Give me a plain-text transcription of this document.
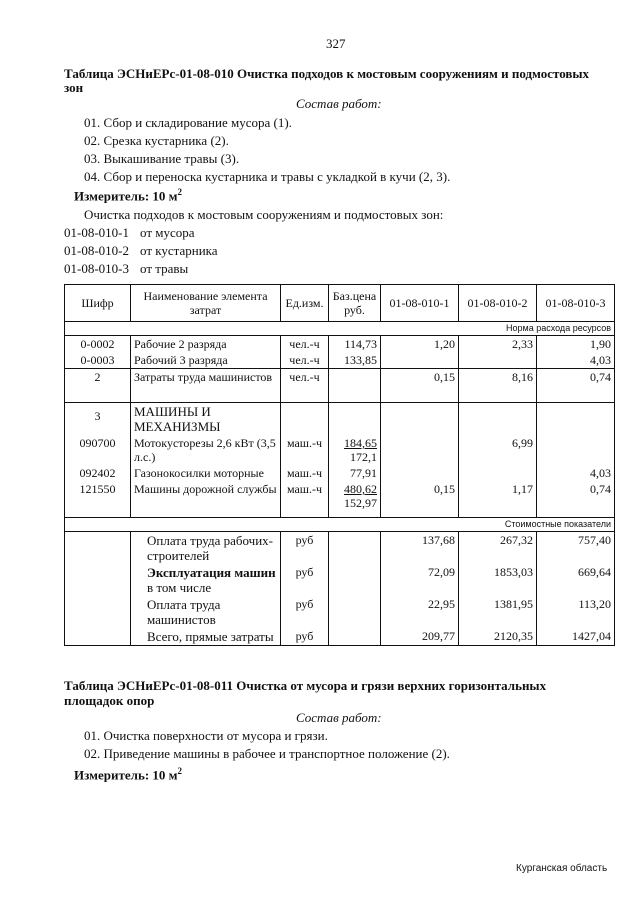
327
Таблица ЭСНиЕРс-01-08-010 Очистка подходов к мостовым сооружениям и подмостовых
зон
Состав работ:
01. Сбор и складирование мусора (1).
02. Срезка кустарника (2).
03. Выкашивание травы (3).
04. Сбор и переноска кустарника и травы с укладкой в кучи (2, 3).
Измеритель: 10 $м^2$
Очистка подходов к мостовым сооружениям и подмостовых зон:
01-08-010-1 от мусора
01-08-010-2 от кустарника
01-08-010-3 от травы
Шифр	Наименование элемента затрат	Ед.изм.	Баз.цена руб.	01-08-010-1	01-08-010-2	01-08-010-3
Норма расхода ресурсов						
0-0002	Рабочие 2 разряда	чел.-ч	114,73	1,20	2,33	1,90
0-0003	Рабочий 3 разряда	чел.-ч	133,85			4,03
2	Затраты труда машинистов	чел.-ч		0,15	8,16	0,74
3	МАШИНЫ И МЕХАНИЗМЫ					
090700	Мотокусторезы 2,6 кВт (3,5 л.с.)	маш.-ч	184,65
172,1		6,99	
092402	Газонокосилки моторные	маш.-ч	77,91			4,03
121550	Машины дорожной службы	маш.-ч	480,62
152,97	0,15	1,17	0,74

Стоимостные показатели						
	Оплата труда рабочих-строителей	руб		137,68	267,32	757,40
	Эксплуатация машин
в том числе	руб		72,09	1853,03	669,64
	Оплата труда машинистов	руб		22,95	1381,95	113,20
	Всего, прямые затраты	руб		209,77	2120,35	1427,04
Таблица ЭСНиЕРс-01-08-011 Очистка от мусора и грязи верхних горизонтальных
площадок опор
Состав работ:
01. Очистка поверхности от мусора и грязи.
02. Приведение машины в рабочее и транспортное положение (2).
Измеритель: 10 $м^2$
Курганская область
